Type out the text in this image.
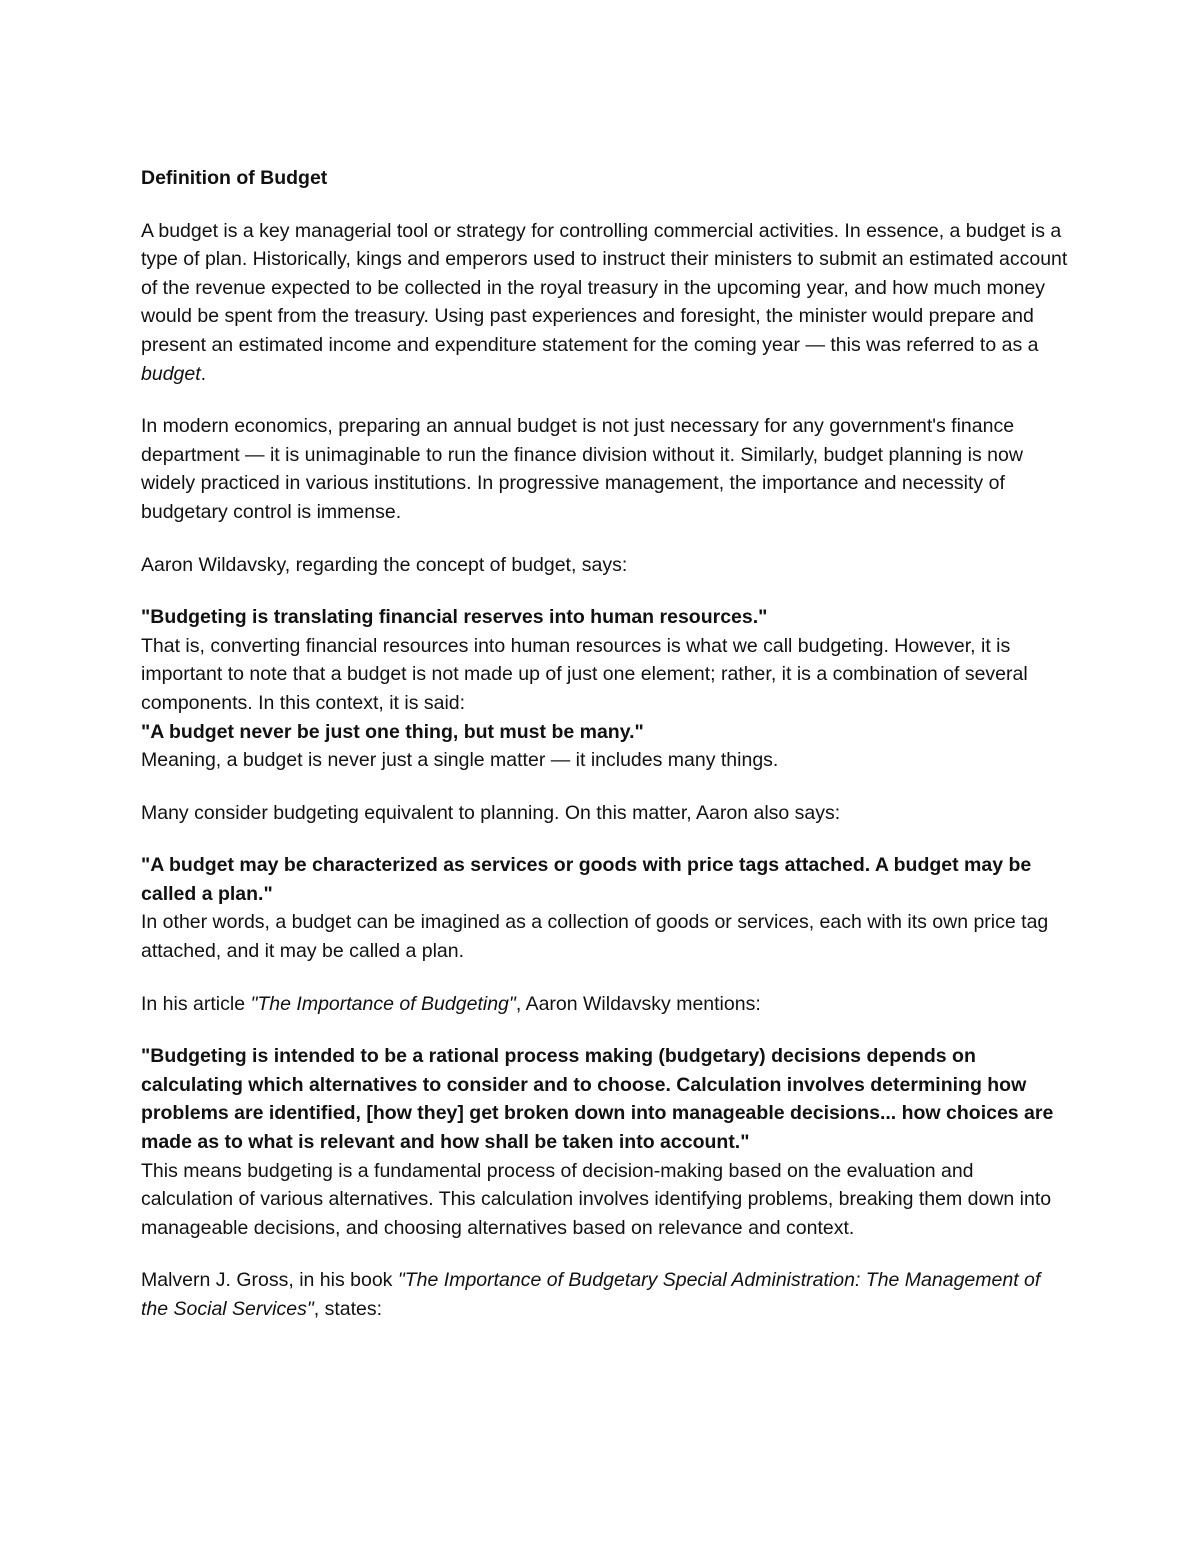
Definition of Budget

A budget is a key managerial tool or strategy for controlling commercial activities. In essence, a budget is a type of plan. Historically, kings and emperors used to instruct their ministers to submit an estimated account of the revenue expected to be collected in the royal treasury in the upcoming year, and how much money would be spent from the treasury. Using past experiences and foresight, the minister would prepare and present an estimated income and expenditure statement for the coming year — this was referred to as a budget.

In modern economics, preparing an annual budget is not just necessary for any government's finance department — it is unimaginable to run the finance division without it. Similarly, budget planning is now widely practiced in various institutions. In progressive management, the importance and necessity of budgetary control is immense.

Aaron Wildavsky, regarding the concept of budget, says:

"Budgeting is translating financial reserves into human resources."
That is, converting financial resources into human resources is what we call budgeting. However, it is important to note that a budget is not made up of just one element; rather, it is a combination of several components. In this context, it is said:
"A budget never be just one thing, but must be many."
Meaning, a budget is never just a single matter — it includes many things.

Many consider budgeting equivalent to planning. On this matter, Aaron also says:

"A budget may be characterized as services or goods with price tags attached. A budget may be called a plan."
In other words, a budget can be imagined as a collection of goods or services, each with its own price tag attached, and it may be called a plan.

In his article "The Importance of Budgeting", Aaron Wildavsky mentions:

"Budgeting is intended to be a rational process making (budgetary) decisions depends on calculating which alternatives to consider and to choose. Calculation involves determining how problems are identified, [how they] get broken down into manageable decisions... how choices are made as to what is relevant and how shall be taken into account."
This means budgeting is a fundamental process of decision-making based on the evaluation and calculation of various alternatives. This calculation involves identifying problems, breaking them down into manageable decisions, and choosing alternatives based on relevance and context.

Malvern J. Gross, in his book "The Importance of Budgetary Special Administration: The Management of the Social Services", states:
